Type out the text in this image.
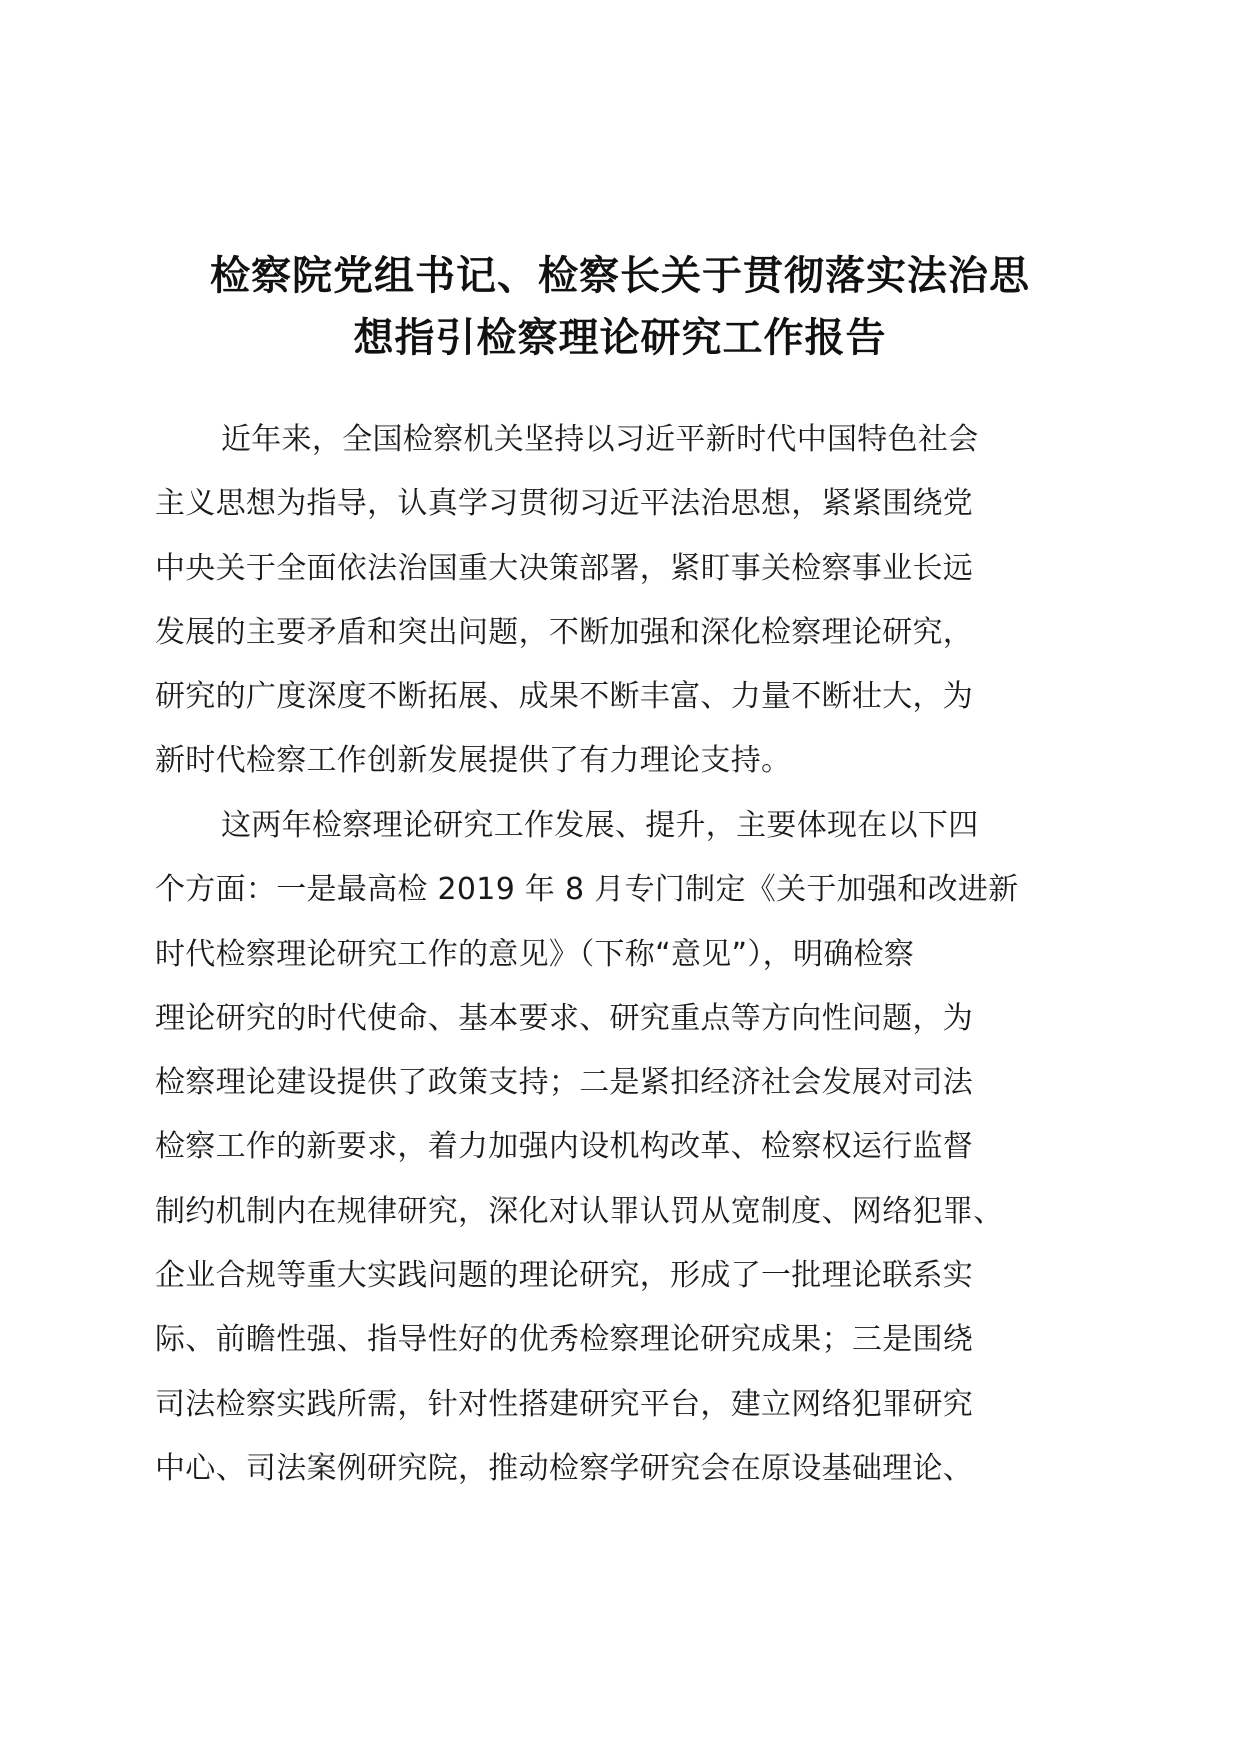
检察院党组书记、检察长关于贯彻落实法治思
想指引检察理论研究工作报告
近年来，全国检察机关坚持以习近平新时代中国特色社会
主义思想为指导，认真学习贯彻习近平法治思想，紧紧围绕党
中央关于全面依法治国重大决策部署，紧盯事关检察事业长远
发展的主要矛盾和突出问题，不断加强和深化检察理论研究，
研究的广度深度不断拓展、成果不断丰富、力量不断壮大，为
新时代检察工作创新发展提供了有力理论支持。
这两年检察理论研究工作发展、提升，主要体现在以下四
个方面：一是最高检 2019 年 8 月专门制定《关于加强和改进新
时代检察理论研究工作的意见》（下称“意见”），明确检察
理论研究的时代使命、基本要求、研究重点等方向性问题，为
检察理论建设提供了政策支持；二是紧扣经济社会发展对司法
检察工作的新要求，着力加强内设机构改革、检察权运行监督
制约机制内在规律研究，深化对认罪认罚从宽制度、网络犯罪、
企业合规等重大实践问题的理论研究，形成了一批理论联系实
际、前瞻性强、指导性好的优秀检察理论研究成果；三是围绕
司法检察实践所需，针对性搭建研究平台，建立网络犯罪研究
中心、司法案例研究院，推动检察学研究会在原设基础理论、
